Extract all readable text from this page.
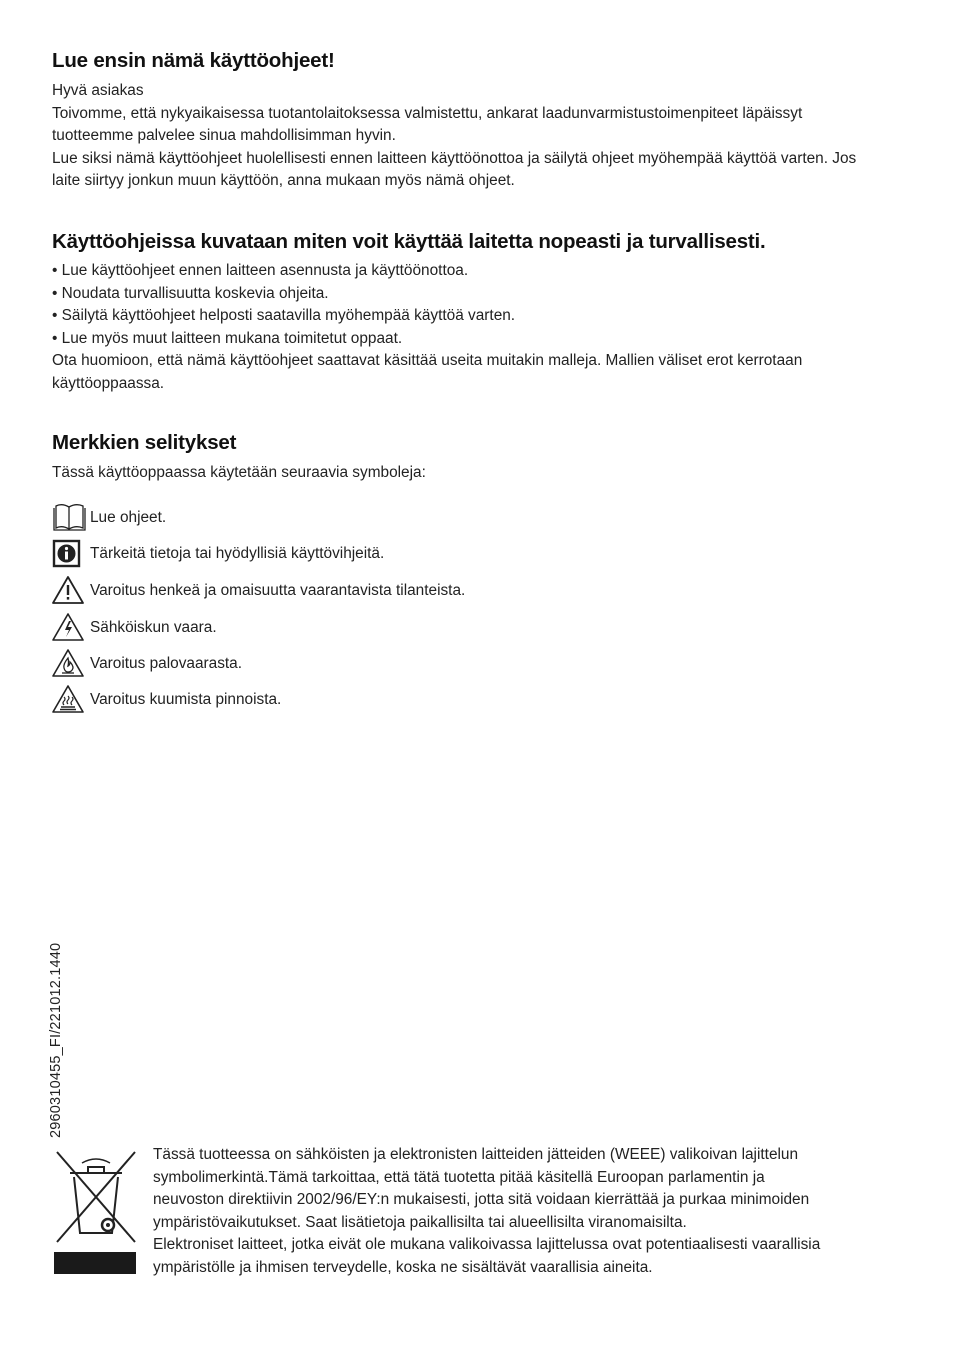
Lue ensin nämä käyttöohjeet!
Hyvä asiakas
Toivomme, että nykyaikaisessa tuotantolaitoksessa valmistettu, ankarat laadunvarmistustoimenpiteet läpäissyt
tuotteemme palvelee sinua mahdollisimman hyvin.
Lue siksi nämä käyttöohjeet huolellisesti ennen laitteen käyttöönottoa ja säilytä ohjeet myöhempää käyttöä varten. Jos
laite siirtyy jonkun muun käyttöön, anna mukaan myös nämä ohjeet.
Käyttöohjeissa kuvataan miten voit käyttää laitetta nopeasti ja turvallisesti.
• Lue käyttöohjeet ennen laitteen asennusta ja käyttöönottoa.
• Noudata turvallisuutta koskevia ohjeita.
• Säilytä käyttöohjeet helposti saatavilla myöhempää käyttöä varten.
• Lue myös muut laitteen mukana toimitetut oppaat.
Ota huomioon, että nämä käyttöohjeet saattavat käsittää useita muitakin malleja. Mallien väliset erot kerrotaan
käyttöoppaassa.
Merkkien selitykset
Tässä käyttöoppaassa käytetään seuraavia symboleja:
Lue ohjeet.
Tärkeitä tietoja tai hyödyllisiä käyttövihjeitä.
Varoitus henkeä ja omaisuutta vaarantavista tilanteista.
Sähköiskun vaara.
Varoitus palovaarasta.
Varoitus kuumista pinnoista.
2960310455_FI/221012.1440
Tässä tuotteessa on sähköisten ja elektronisten laitteiden jätteiden (WEEE) valikoivan lajittelun
symbolimerkintä.Tämä tarkoittaa, että tätä tuotetta pitää käsitellä Euroopan parlamentin ja
neuvoston direktiivin 2002/96/EY:n mukaisesti, jotta sitä voidaan kierrättää ja purkaa minimoiden
ympäristövaikutukset. Saat lisätietoja paikallisilta tai alueellisilta viranomaisilta.
Elektroniset laitteet, jotka eivät ole mukana valikoivassa lajittelussa ovat potentiaalisesti vaarallisia
ympäristölle ja ihmisen terveydelle, koska ne sisältävät vaarallisia aineita.
